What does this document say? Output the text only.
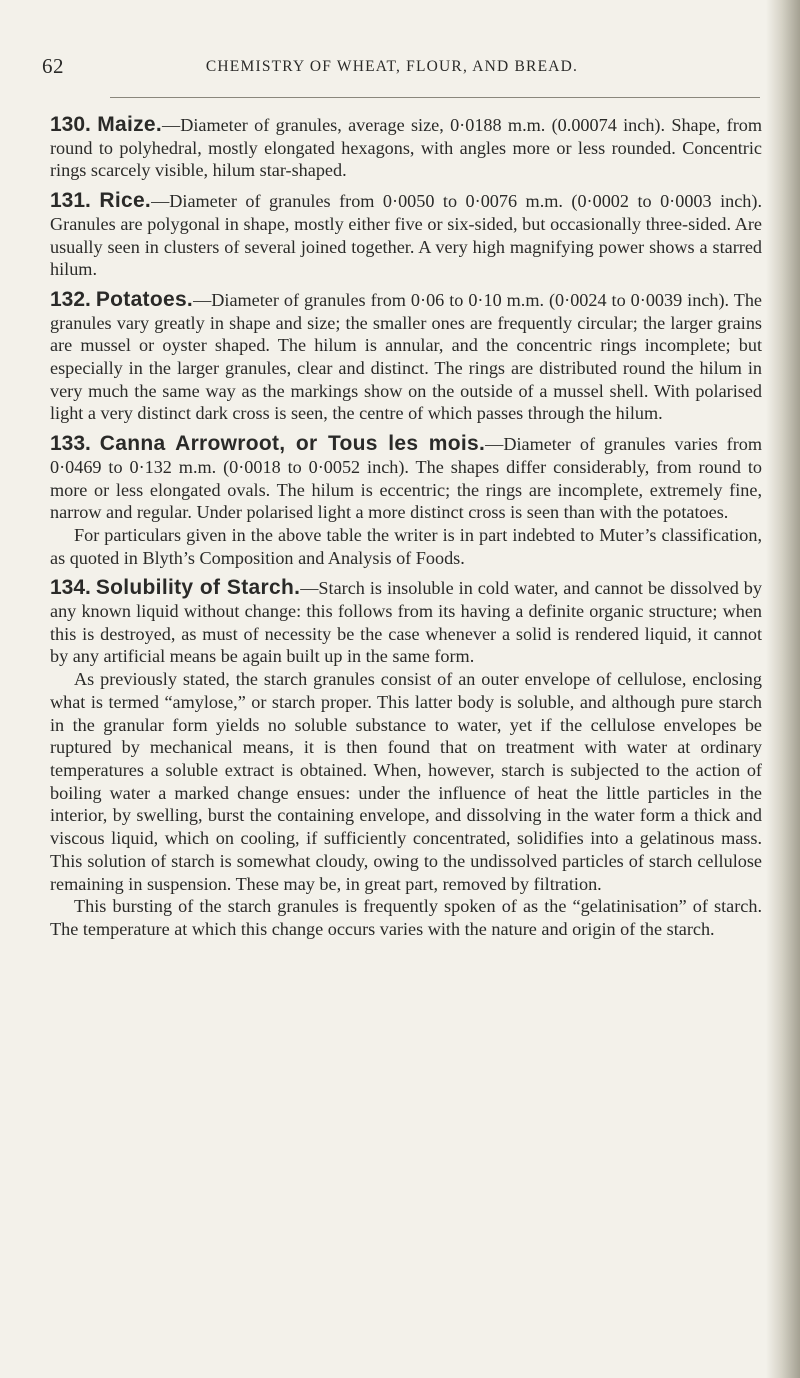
62	CHEMISTRY OF WHEAT, FLOUR, AND BREAD.

130. Maize.—Diameter of granules, average size, 0·0188 m.m. (0.00074 inch). Shape, from round to polyhedral, mostly elongated hexagons, with angles more or less rounded. Concentric rings scarcely visible, hilum star-shaped.

131. Rice.—Diameter of granules from 0·0050 to 0·0076 m.m. (0·0002 to 0·0003 inch). Granules are polygonal in shape, mostly either five or six-sided, but occasionally three-sided. Are usually seen in clusters of several joined together. A very high magnifying power shows a starred hilum.

132. Potatoes.—Diameter of granules from 0·06 to 0·10 m.m. (0·0024 to 0·0039 inch). The granules vary greatly in shape and size; the smaller ones are frequently circular; the larger grains are mussel or oyster shaped. The hilum is annular, and the concentric rings incomplete; but especially in the larger granules, clear and distinct. The rings are distributed round the hilum in very much the same way as the markings show on the outside of a mussel shell. With polarised light a very distinct dark cross is seen, the centre of which passes through the hilum.

133. Canna Arrowroot, or Tous les mois.—Diameter of granules varies from 0·0469 to 0·132 m.m. (0·0018 to 0·0052 inch). The shapes differ considerably, from round to more or less elongated ovals. The hilum is eccentric; the rings are incomplete, extremely fine, narrow and regular. Under polarised light a more distinct cross is seen than with the potatoes.

For particulars given in the above table the writer is in part indebted to Muter’s classification, as quoted in Blyth’s Composition and Analysis of Foods.

134. Solubility of Starch.—Starch is insoluble in cold water, and cannot be dissolved by any known liquid without change: this follows from its having a definite organic structure; when this is destroyed, as must of necessity be the case whenever a solid is rendered liquid, it cannot by any artificial means be again built up in the same form.

As previously stated, the starch granules consist of an outer envelope of cellulose, enclosing what is termed “amylose,” or starch proper. This latter body is soluble, and although pure starch in the granular form yields no soluble substance to water, yet if the cellulose envelopes be ruptured by mechanical means, it is then found that on treatment with water at ordinary temperatures a soluble extract is obtained. When, however, starch is subjected to the action of boiling water a marked change ensues: under the influence of heat the little particles in the interior, by swelling, burst the containing envelope, and dissolving in the water form a thick and viscous liquid, which on cooling, if sufficiently concentrated, solidifies into a gelatinous mass. This solution of starch is somewhat cloudy, owing to the undissolved particles of starch cellulose remaining in suspension. These may be, in great part, removed by filtration.

This bursting of the starch granules is frequently spoken of as the “gelatinisation” of starch. The temperature at which this change occurs varies with the nature and origin of the starch.
